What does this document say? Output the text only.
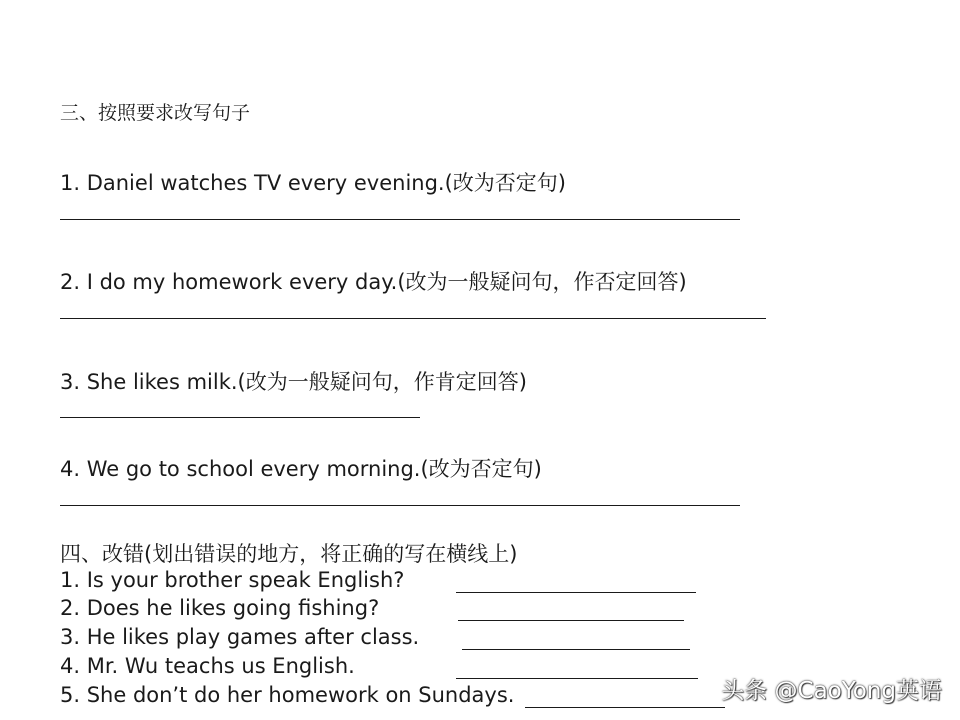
三、按照要求改写句子
1. Daniel watches TV every evening.(改为否定句)
2. I do my homework every day.(改为一般疑问句，作否定回答)
3. She likes milk.(改为一般疑问句，作肯定回答)
4. We go to school every morning.(改为否定句)
四、改错(划出错误的地方，将正确的写在横线上)
1. Is your brother speak English?
2. Does he likes going fishing?
3. He likes play games after class.
4. Mr. Wu teachs us English.
5. She don’t do her homework on Sundays.	头条 @CaoYong英语
